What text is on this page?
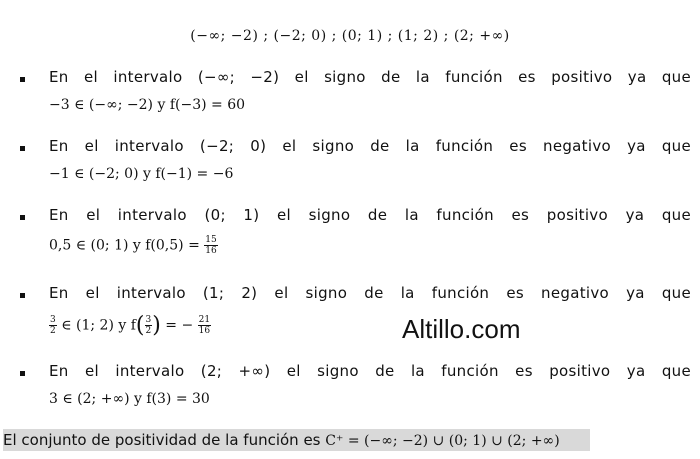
(−∞; −2) ; (−2; 0) ; (0; 1) ; (1; 2) ; (2; +∞)
En el intervalo (−∞; −2) el signo de la función es positivo ya que
−3 ∈ (−∞; −2) y f(−3) = 60
En el intervalo (−2; 0) el signo de la función es negativo ya que
−1 ∈ (−2; 0) y f(−1) = −6
En el intervalo (0; 1) el signo de la función es positivo ya que
0,5 ∈ (0; 1) y $f(0,5) = \frac{15}{16}$
En el intervalo (1; 2) el signo de la función es negativo ya que
$\frac{3}{2}$ ∈ (1; 2) y $f( \frac{3}{2}$ ) = − $\frac{21}{16}$
En el intervalo (2; +∞) el signo de la función es positivo ya que
3 ∈ (2; +∞) y f(3) = 30
Altillo.com
El conjunto de positividad de la función es C⁺ = (−∞; −2) ∪ (0; 1) ∪ (2; +∞)
